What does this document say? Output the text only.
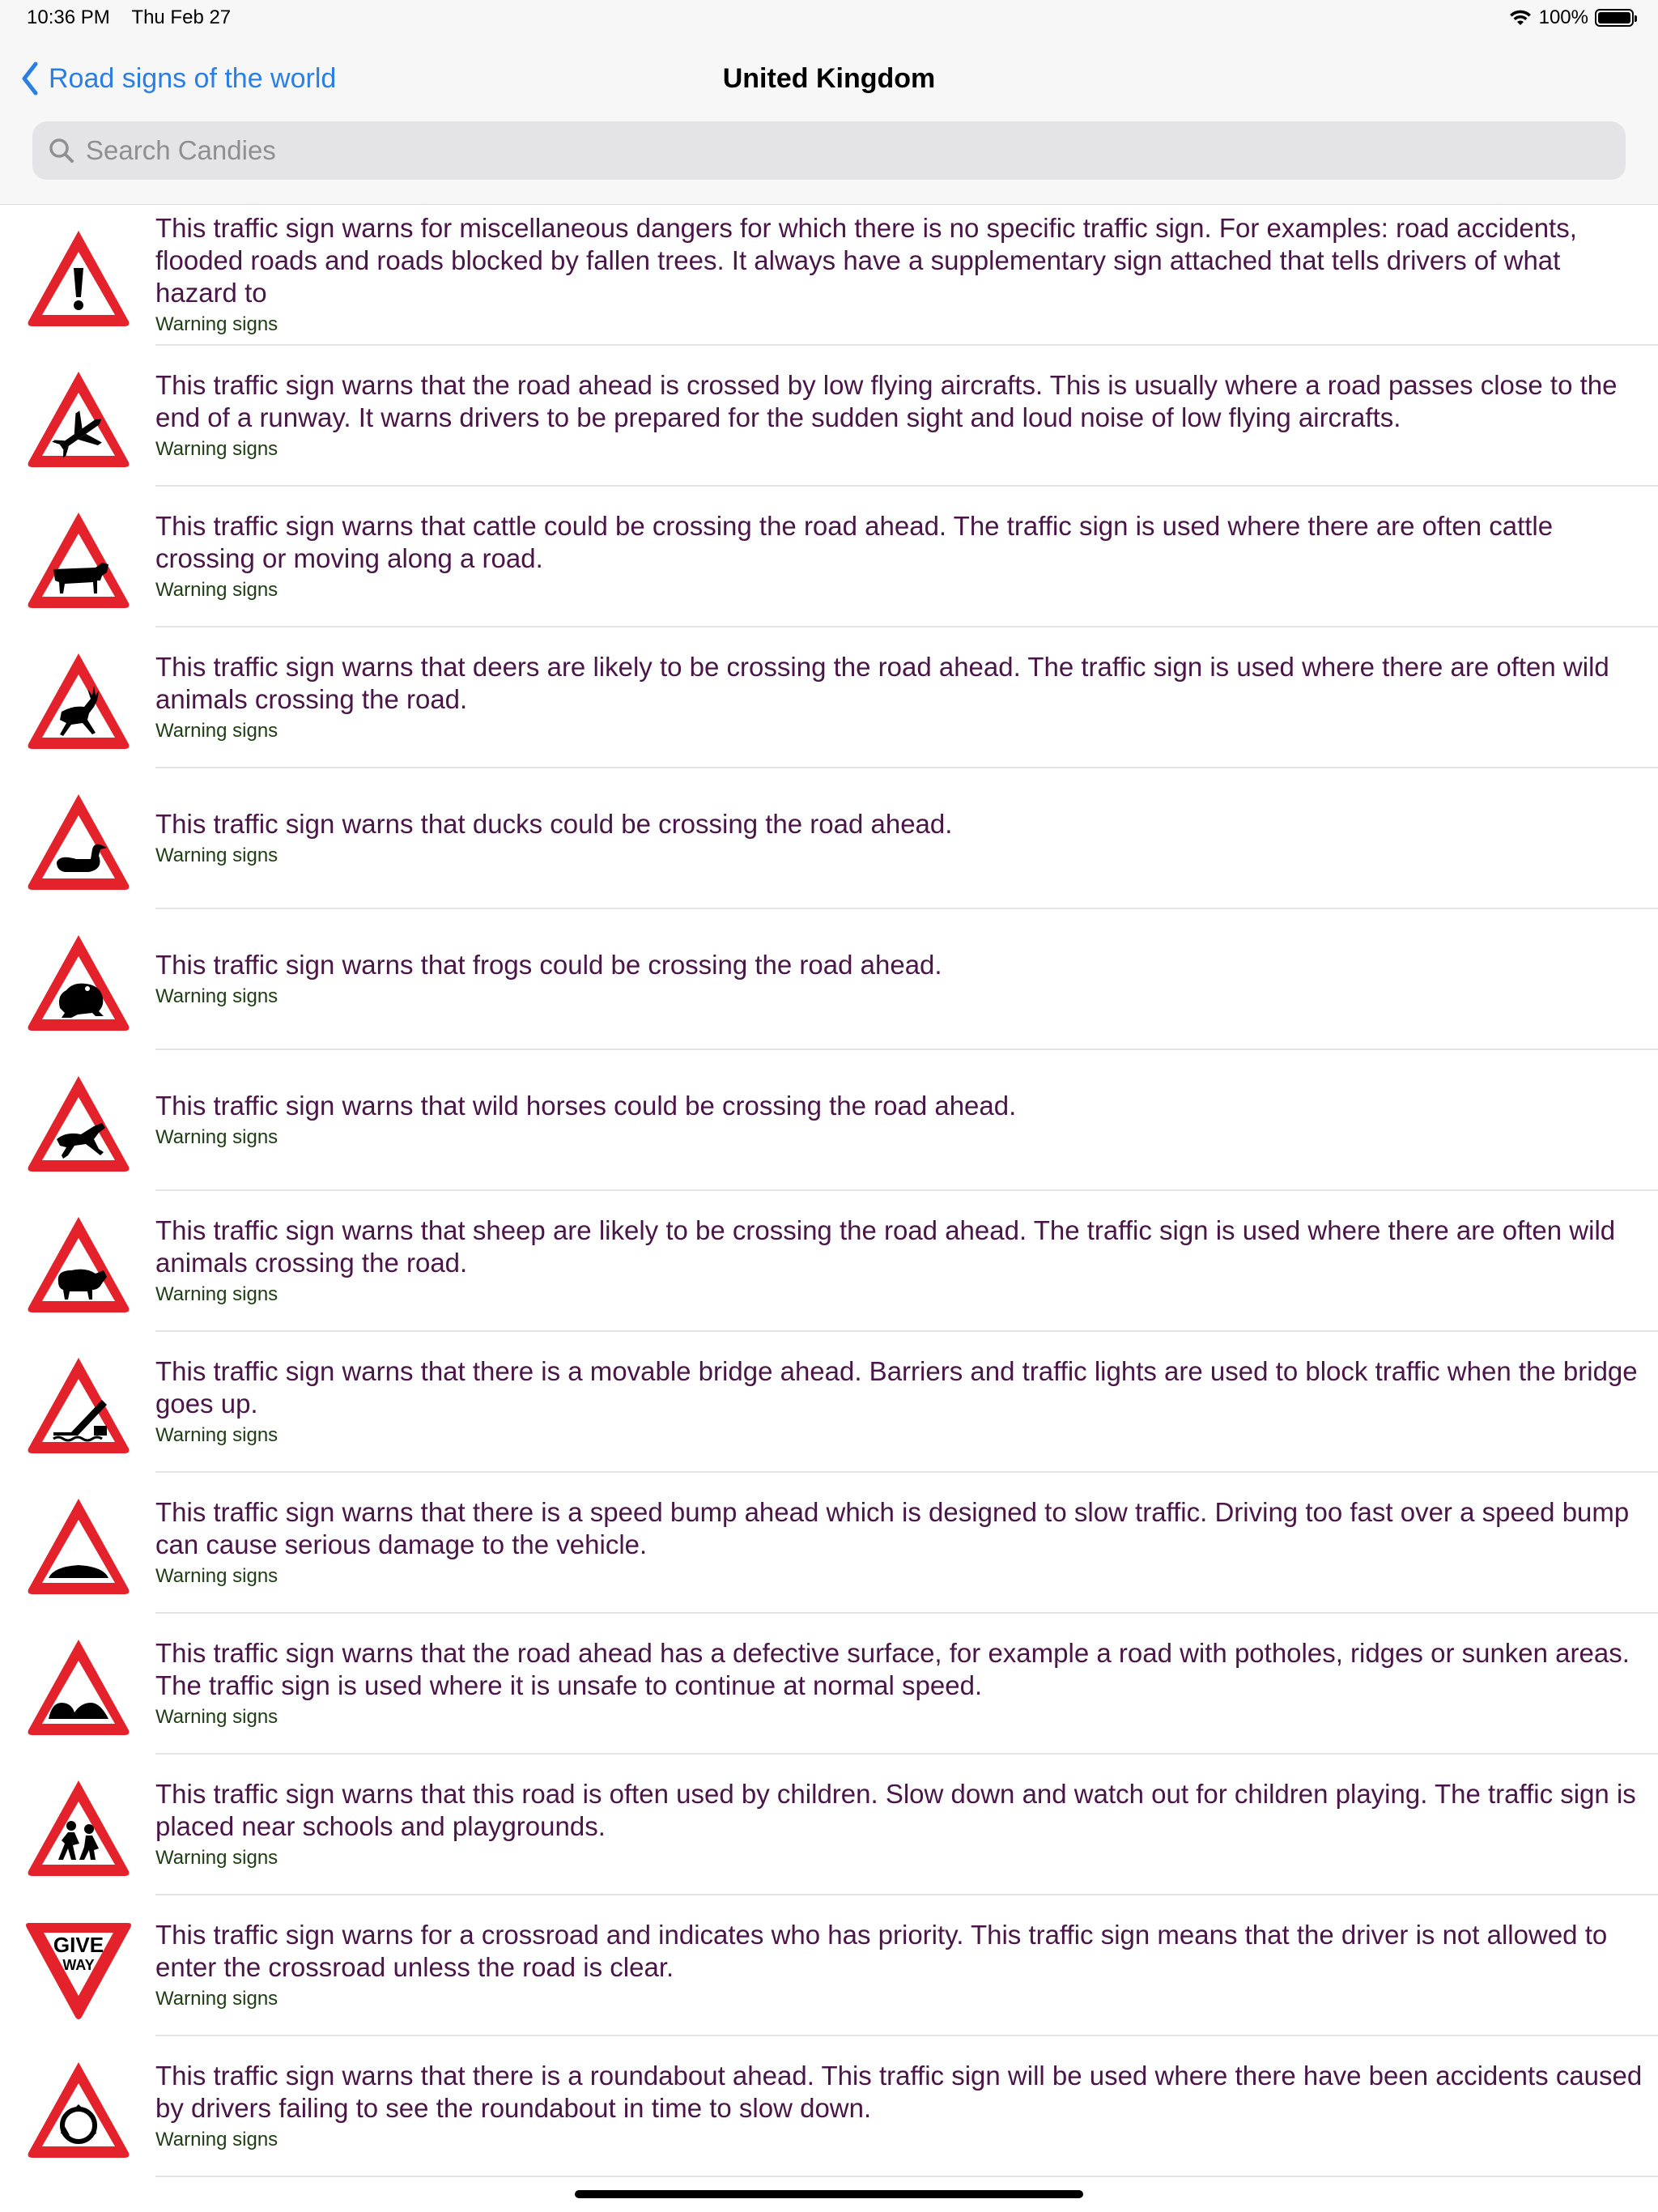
10:36 PM Thu Feb 27	100%
Road signs of the world	United Kingdom
Search Candies
This traffic sign warns for miscellaneous dangers for which there is no specific traffic sign. For examples: road accidents, flooded roads and roads blocked by fallen trees. It always have a supplementary sign attached that tells drivers of what hazard to
Warning signs
This traffic sign warns that the road ahead is crossed by low flying aircrafts. This is usually where a road passes close to the end of a runway. It warns drivers to be prepared for the sudden sight and loud noise of low flying aircrafts.
Warning signs
This traffic sign warns that cattle could be crossing the road ahead. The traffic sign is used where there are often cattle crossing or moving along a road.
Warning signs
This traffic sign warns that deers are likely to be crossing the road ahead. The traffic sign is used where there are often wild animals crossing the road.
Warning signs
This traffic sign warns that ducks could be crossing the road ahead.
Warning signs
This traffic sign warns that frogs could be crossing the road ahead.
Warning signs
This traffic sign warns that wild horses could be crossing the road ahead.
Warning signs
This traffic sign warns that sheep are likely to be crossing the road ahead. The traffic sign is used where there are often wild animals crossing the road.
Warning signs
This traffic sign warns that there is a movable bridge ahead. Barriers and traffic lights are used to block traffic when the bridge goes up.
Warning signs
This traffic sign warns that there is a speed bump ahead which is designed to slow traffic. Driving too fast over a speed bump can cause serious damage to the vehicle.
Warning signs
This traffic sign warns that the road ahead has a defective surface, for example a road with potholes, ridges or sunken areas. The traffic sign is used where it is unsafe to continue at normal speed.
Warning signs
This traffic sign warns that this road is often used by children. Slow down and watch out for children playing. The traffic sign is placed near schools and playgrounds.
Warning signs
GIVE
WAY
This traffic sign warns for a crossroad and indicates who has priority. This traffic sign means that the driver is not allowed to enter the crossroad unless the road is clear.
Warning signs
This traffic sign warns that there is a roundabout ahead. This traffic sign will be used where there have been accidents caused by drivers failing to see the roundabout in time to slow down.
Warning signs
